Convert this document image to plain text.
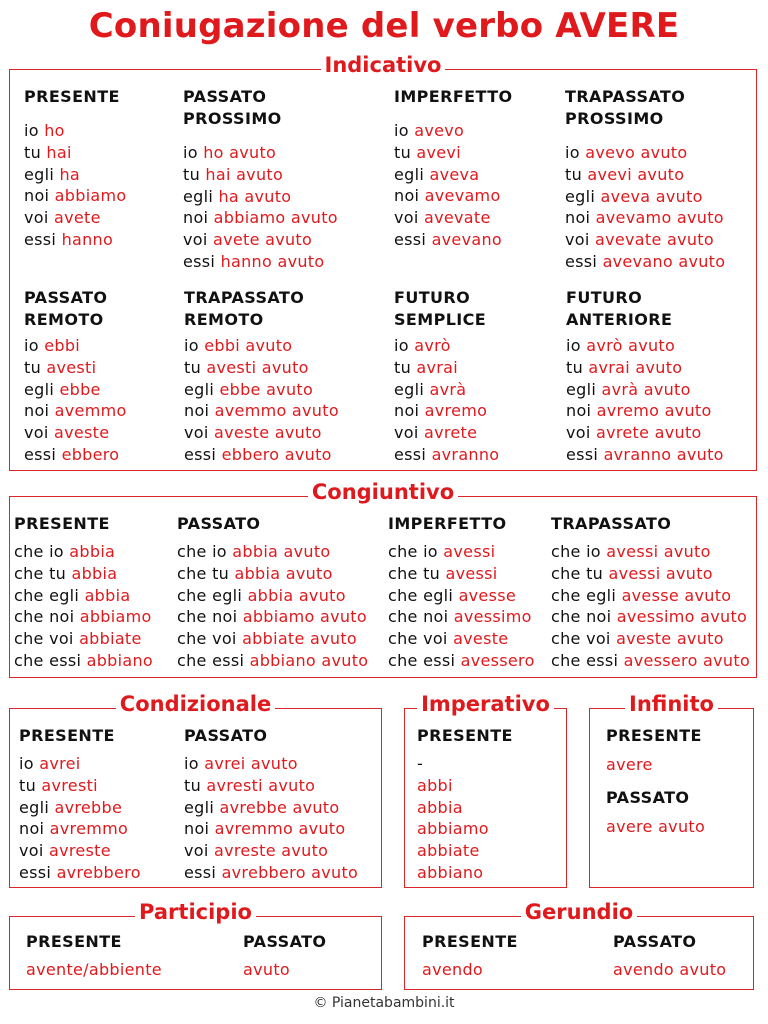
Coniugazione del verbo AVERE
Indicativo
PRESENTE
io ho
tu hai
egli ha
noi abbiamo
voi avete
essi hanno
PASSATO
PROSSIMO
io ho avuto
tu hai avuto
egli ha avuto
noi abbiamo avuto
voi avete avuto
essi hanno avuto
IMPERFETTO
io avevo
tu avevi
egli aveva
noi avevamo
voi avevate
essi avevano
TRAPASSATO
PROSSIMO
io avevo avuto
tu avevi avuto
egli aveva avuto
noi avevamo avuto
voi avevate avuto
essi avevano avuto
PASSATO
REMOTO
io ebbi
tu avesti
egli ebbe
noi avemmo
voi aveste
essi ebbero
TRAPASSATO
REMOTO
io ebbi avuto
tu avesti avuto
egli ebbe avuto
noi avemmo avuto
voi aveste avuto
essi ebbero avuto
FUTURO
SEMPLICE
io avrò
tu avrai
egli avrà
noi avremo
voi avrete
essi avranno
FUTURO
ANTERIORE
io avrò avuto
tu avrai avuto
egli avrà avuto
noi avremo avuto
voi avrete avuto
essi avranno avuto
Congiuntivo
PRESENTE
che io abbia
che tu abbia
che egli abbia
che noi abbiamo
che voi abbiate
che essi abbiano
PASSATO
che io abbia avuto
che tu abbia avuto
che egli abbia avuto
che noi abbiamo avuto
che voi abbiate avuto
che essi abbiano avuto
IMPERFETTO
che io avessi
che tu avessi
che egli avesse
che noi avessimo
che voi aveste
che essi avessero
TRAPASSATO
che io avessi avuto
che tu avessi avuto
che egli avesse avuto
che noi avessimo avuto
che voi aveste avuto
che essi avessero avuto
Condizionale
PRESENTE
io avrei
tu avresti
egli avrebbe
noi avremmo
voi avreste
essi avrebbero
PASSATO
io avrei avuto
tu avresti avuto
egli avrebbe avuto
noi avremmo avuto
voi avreste avuto
essi avrebbero avuto
Imperativo
PRESENTE
-
abbi
abbia
abbiamo
abbiate
abbiano
Infinito
PRESENTE
avere
PASSATO
avere avuto
Participio
PRESENTE
avente/abbiente
PASSATO
avuto
Gerundio
PRESENTE
avendo
PASSATO
avendo avuto
© Pianetabambini.it
